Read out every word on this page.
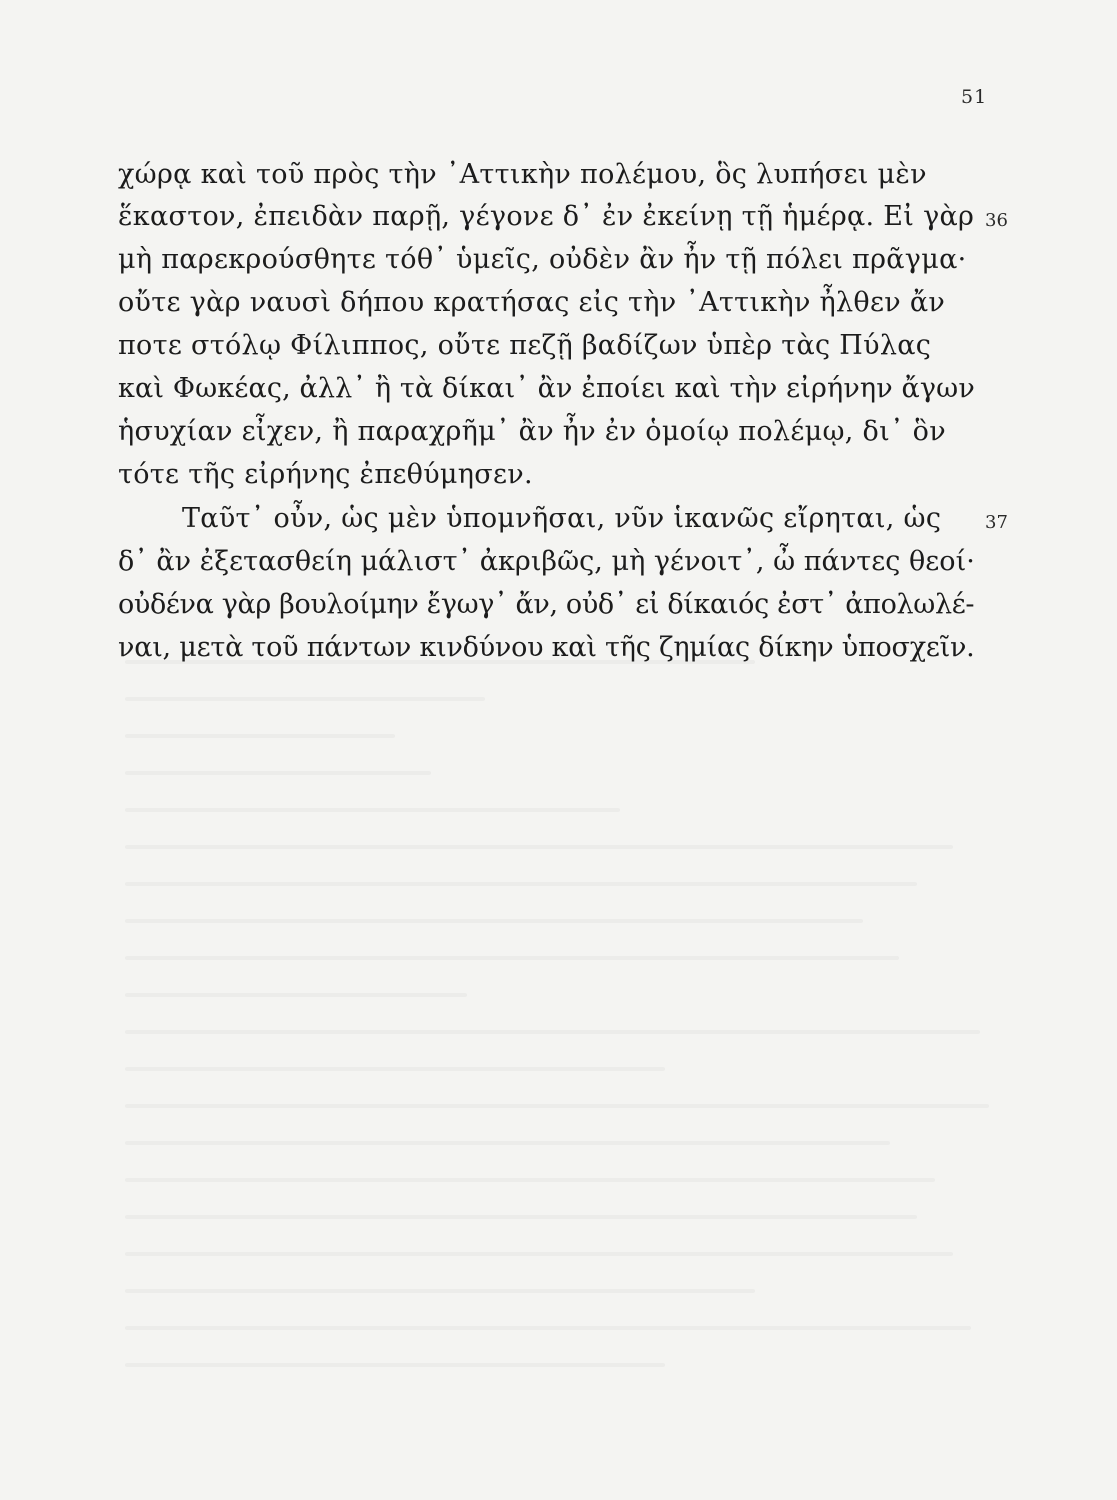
51
χώρᾳ καὶ τοῦ πρὸς τὴν ᾿Αττικὴν πολέμου, ὃς λυπήσει μὲν
ἕκαστον, ἐπειδὰν παρῇ, γέγονε δ᾿ ἐν ἐκείνῃ τῇ ἡμέρᾳ. Εἰ γὰρ
μὴ παρεκρούσθητε τόθ᾿ ὑμεῖς, οὐδὲν ἂν ἦν τῇ πόλει πρᾶγμα·
οὔτε γὰρ ναυσὶ δήπου κρατήσας εἰς τὴν ᾿Αττικὴν ἦλθεν ἄν
ποτε στόλῳ Φίλιππος, οὔτε πεζῇ βαδίζων ὑπὲρ τὰς Πύλας
καὶ Φωκέας, ἀλλ᾿ ἢ τὰ δίκαι᾿ ἂν ἐποίει καὶ τὴν εἰρήνην ἄγων
ἡσυχίαν εἶχεν, ἢ παραχρῆμ᾿ ἂν ἦν ἐν ὁμοίῳ πολέμῳ, δι᾿ ὃν
τότε τῆς εἰρήνης ἐπεθύμησεν.
Ταῦτ᾿ οὖν, ὡς μὲν ὑπομνῆσαι, νῦν ἱκανῶς εἴρηται, ὡς
δ᾿ ἂν ἐξετασθείη μάλιστ᾿ ἀκριβῶς, μὴ γένοιτ᾿, ὦ πάντες θεοί·
οὐδένα γὰρ βουλοίμην ἔγωγ᾿ ἄν, οὐδ᾿ εἰ δίκαιός ἐστ᾿ ἀπολωλέ-
ναι, μετὰ τοῦ πάντων κινδύνου καὶ τῆς ζημίας δίκην ὑποσχεῖν.
36
37
